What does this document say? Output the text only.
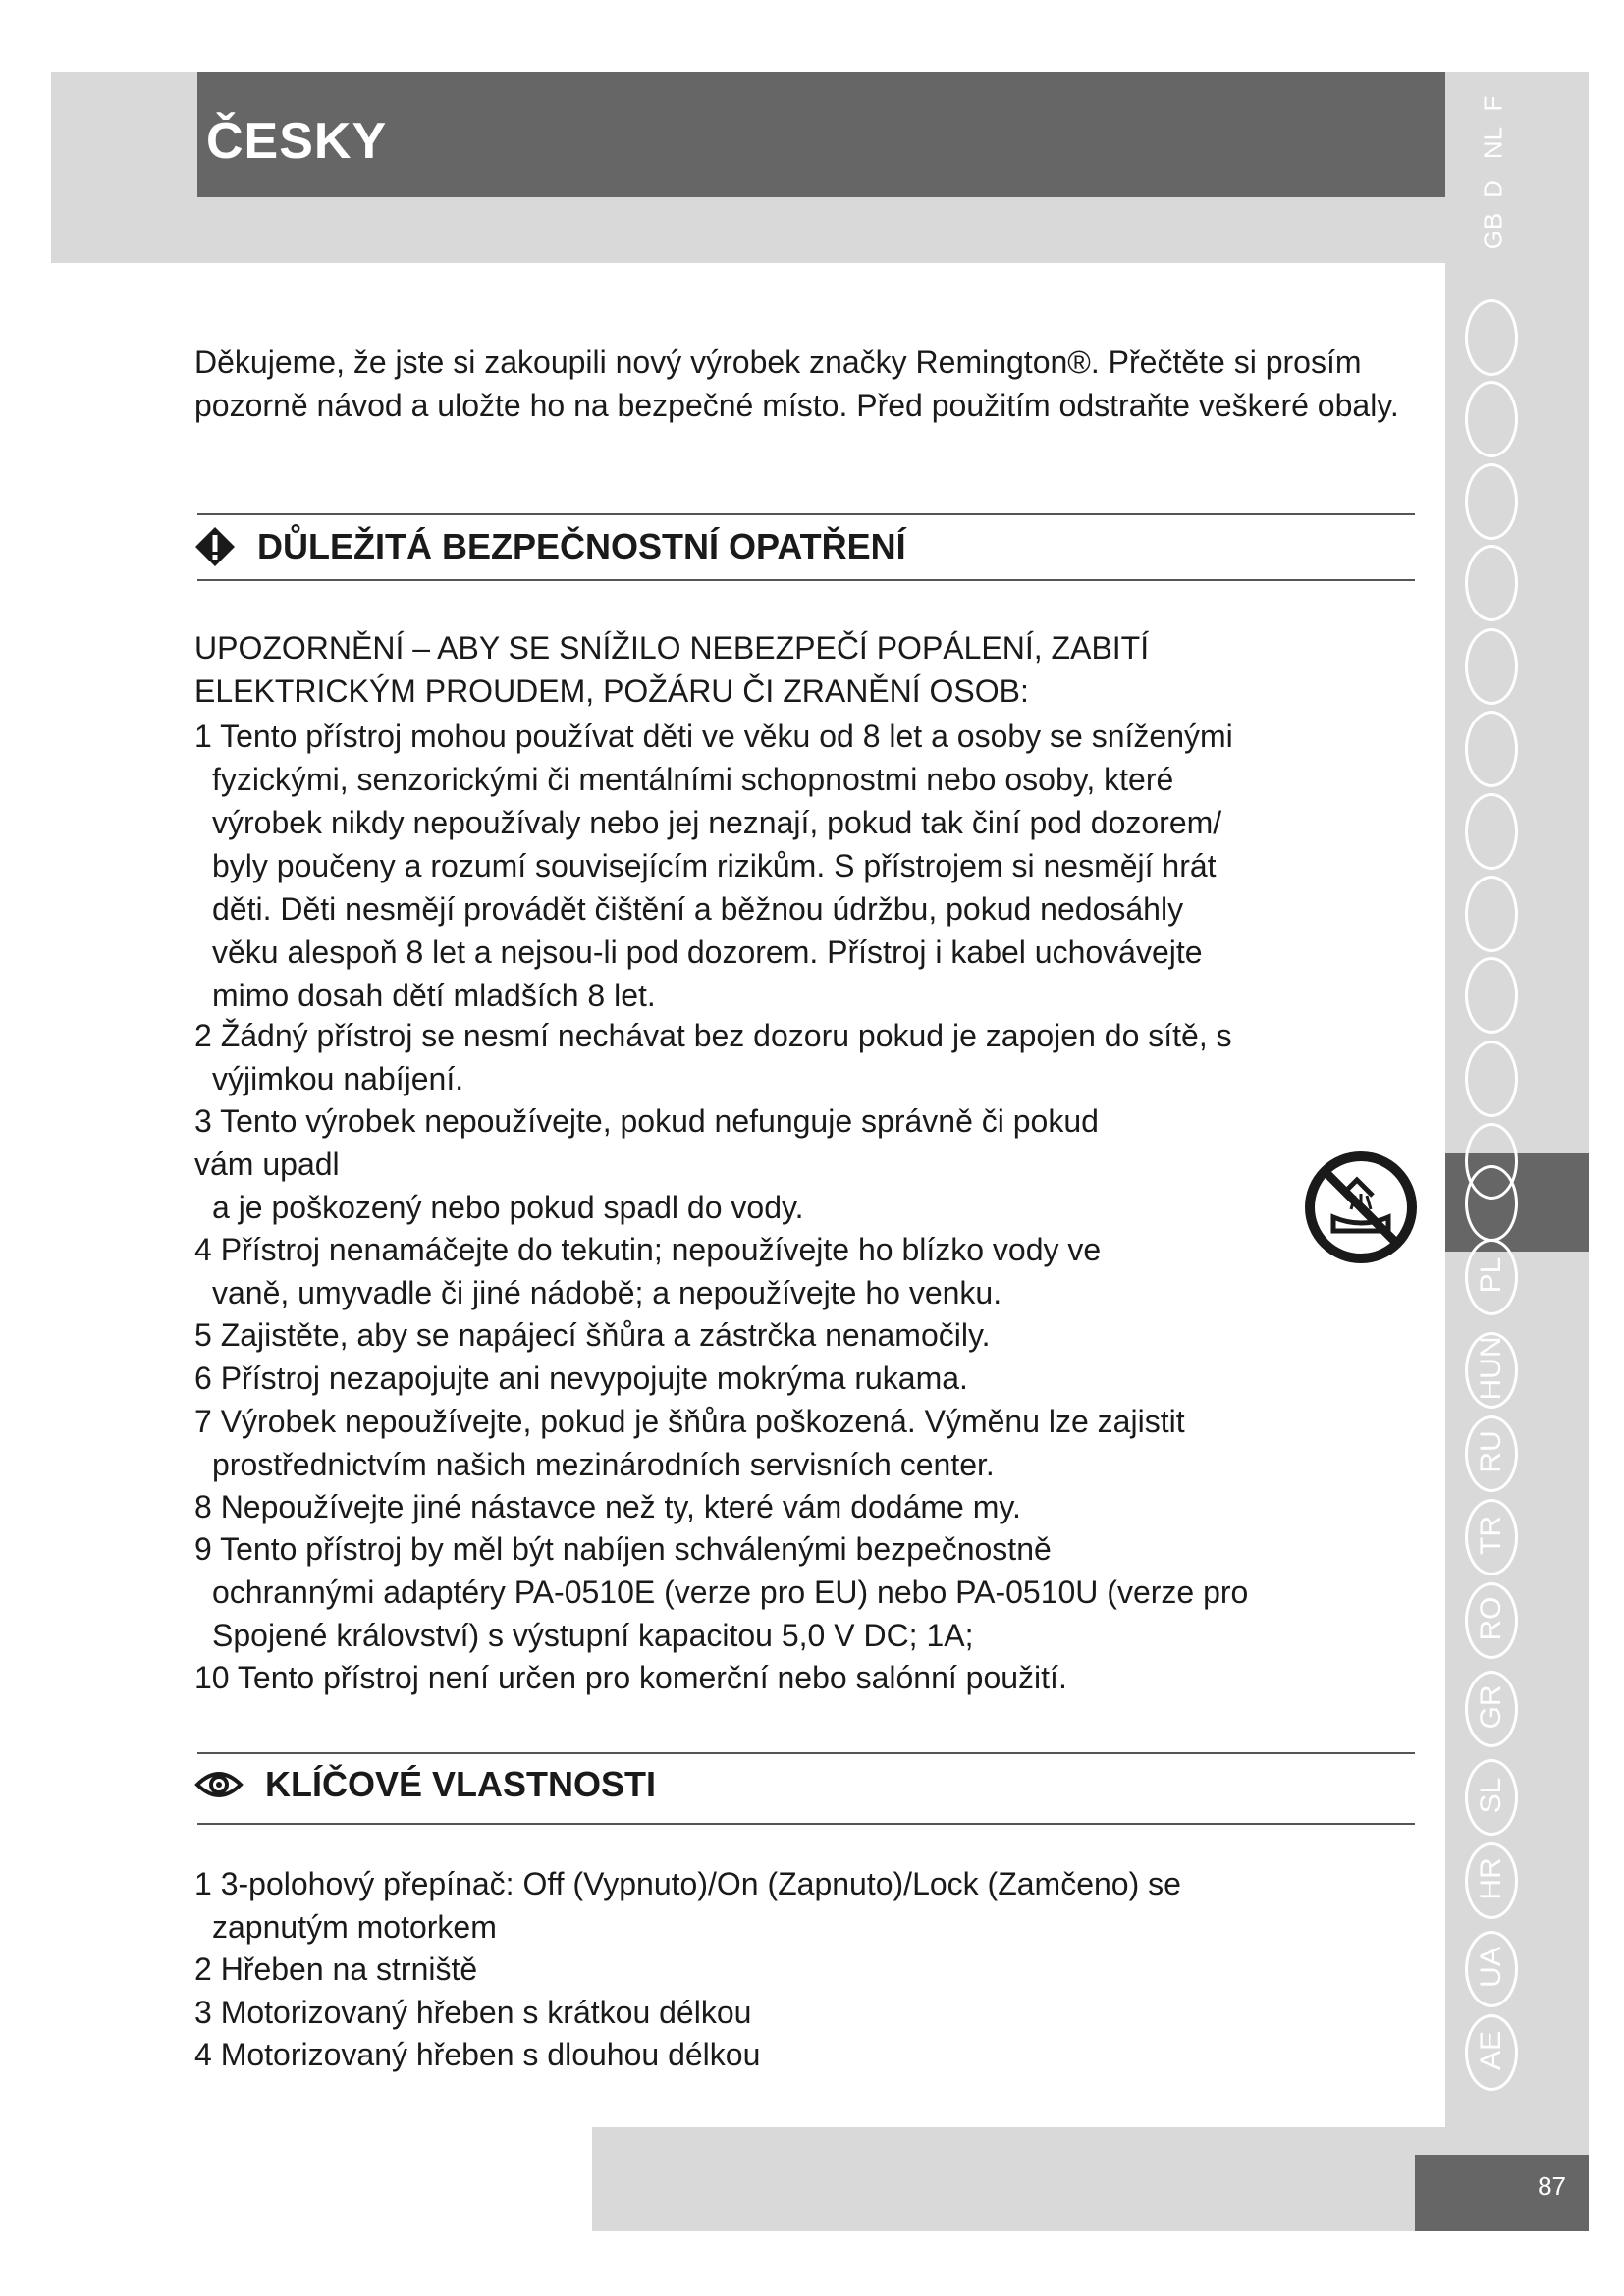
ČESKY
PL
HUN
RU
TR
RO
GR
SL
HR
UA
AE
GB
D
NL
F
Děkujeme, že jste si zakoupili nový výrobek značky Remington®. Přečtěte si prosím pozorně návod a uložte ho na bezpečné místo. Před použitím odstraňte veškeré obaly.
DŮLEŽITÁ BEZPEČNOSTNÍ OPATŘENÍ
UPOZORNĚNÍ – ABY SE SNÍŽILO NEBEZPEČÍ POPÁLENÍ, ZABITÍ ELEKTRICKÝM PROUDEM, POŽÁRU ČI ZRANĚNÍ OSOB:
1 Tento přístroj mohou používat děti ve věku od 8 let a osoby se sníženými
fyzickými, senzorickými či mentálními schopnostmi nebo osoby, které
výrobek nikdy nepoužívaly nebo jej neznají, pokud tak činí pod dozorem/
byly poučeny a rozumí souvisejícím rizikům. S přístrojem si nesmějí hrát
děti. Děti nesmějí provádět čištění a běžnou údržbu, pokud nedosáhly
věku alespoň 8 let a nejsou-li pod dozorem. Přístroj i kabel uchovávejte
mimo dosah dětí mladších 8 let.
2 Žádný přístroj se nesmí nechávat bez dozoru pokud je zapojen do sítě, s
výjimkou nabíjení.
3 Tento výrobek nepoužívejte, pokud nefunguje správně či pokud
vám upadl
a je poškozený nebo pokud spadl do vody.
4 Přístroj nenamáčejte do tekutin; nepoužívejte ho blízko vody ve
vaně, umyvadle či jiné nádobě; a nepoužívejte ho venku.
5 Zajistěte, aby se napájecí šňůra a zástrčka nenamočily.
6 Přístroj nezapojujte ani nevypojujte mokrýma rukama.
7 Výrobek nepoužívejte, pokud je šňůra poškozená. Výměnu lze zajistit
prostřednictvím našich mezinárodních servisních center.
8 Nepoužívejte jiné nástavce než ty, které vám dodáme my.
9 Tento přístroj by měl být nabíjen schválenými bezpečnostně
ochrannými adaptéry PA-0510E (verze pro EU) nebo PA-0510U (verze pro
Spojené království) s výstupní kapacitou 5,0 V DC; 1A;
10 Tento přístroj není určen pro komerční nebo salónní použití.
KLÍČOVÉ VLASTNOSTI
1 3-polohový přepínač: Off (Vypnuto)/On (Zapnuto)/Lock (Zamčeno) se
zapnutým motorkem
2 Hřeben na strniště
3 Motorizovaný hřeben s krátkou délkou
4 Motorizovaný hřeben s dlouhou délkou
87
